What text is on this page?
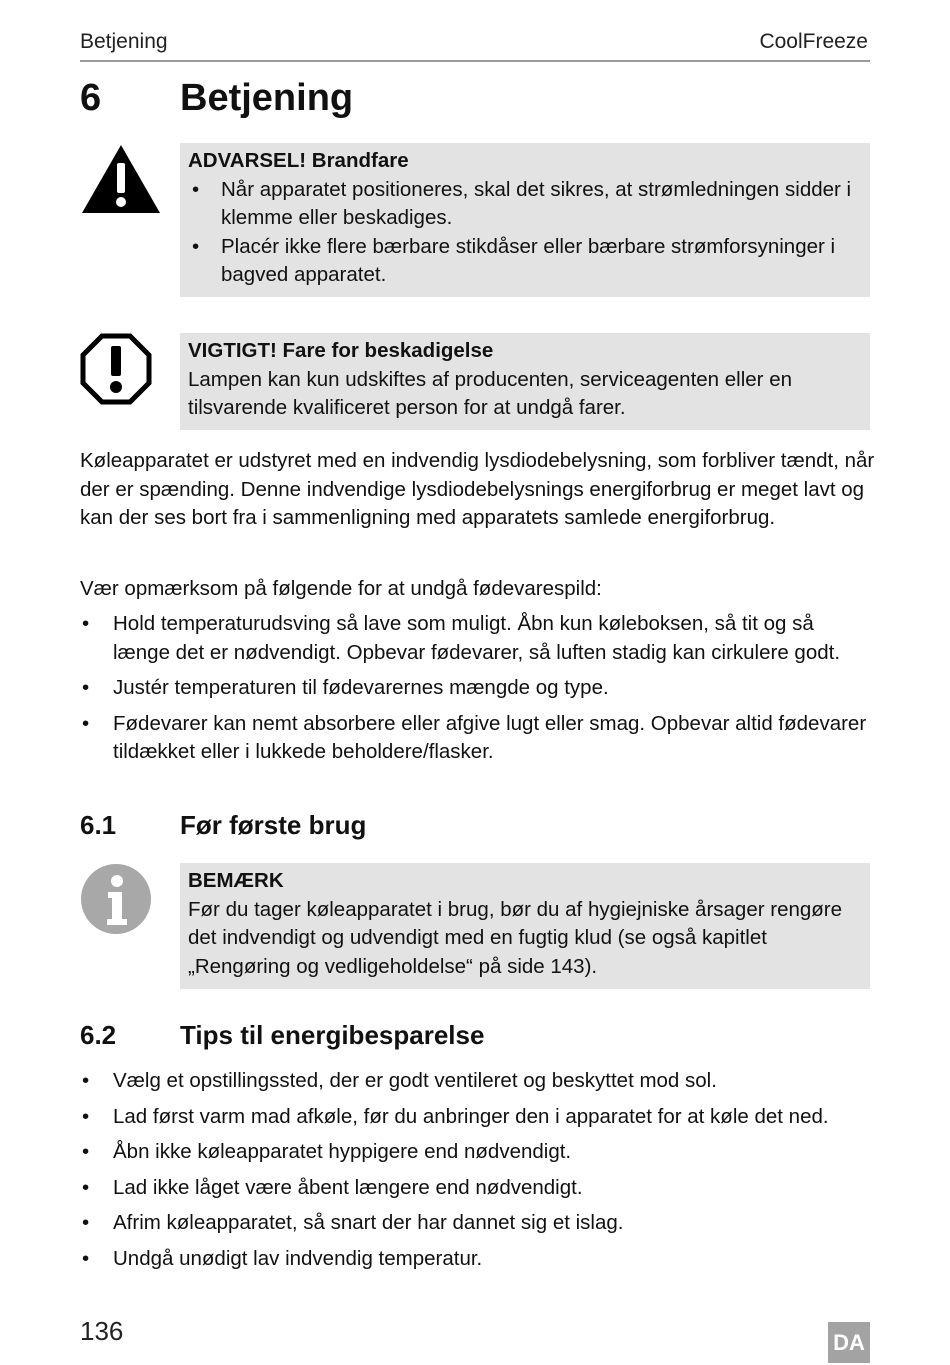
Betjening	CoolFreeze
6 Betjening
ADVARSEL! Brandfare
• Når apparatet positioneres, skal det sikres, at strømledningen sidder i klemme eller beskadiges.
• Placér ikke flere bærbare stikdåser eller bærbare strømforsyninger i bagved apparatet.
VIGTIGT! Fare for beskadigelse
Lampen kan kun udskiftes af producenten, serviceagenten eller en tilsvarende kvalificeret person for at undgå farer.

Køleapparatet er udstyret med en indvendig lysdiodebelysning, som forbliver tændt, når der er spænding. Denne indvendige lysdiodebelysnings energiforbrug er meget lavt og kan der ses bort fra i sammenligning med apparatets samlede energiforbrug.

Vær opmærksom på følgende for at undgå fødevarespild:

• Hold temperaturudsving så lave som muligt. Åbn kun køleboksen, så tit og så længe det er nødvendigt. Opbevar fødevarer, så luften stadig kan cirkulere godt.
• Justér temperaturen til fødevarernes mængde og type.
• Fødevarer kan nemt absorbere eller afgive lugt eller smag. Opbevar altid fødevarer tildækket eller i lukkede beholdere/flasker.
6.1 Før første brug
BEMÆRK
Før du tager køleapparatet i brug, bør du af hygiejniske årsager rengøre det indvendigt og udvendigt med en fugtig klud (se også kapitlet „Rengøring og vedligeholdelse“ på side 143).
6.2 Tips til energibesparelse
• Vælg et opstillingssted, der er godt ventileret og beskyttet mod sol.
• Lad først varm mad afkøle, før du anbringer den i apparatet for at køle det ned.
• Åbn ikke køleapparatet hyppigere end nødvendigt.
• Lad ikke låget være åbent længere end nødvendigt.
• Afrim køleapparatet, så snart der har dannet sig et islag.
• Undgå unødigt lav indvendig temperatur.
136	DA
